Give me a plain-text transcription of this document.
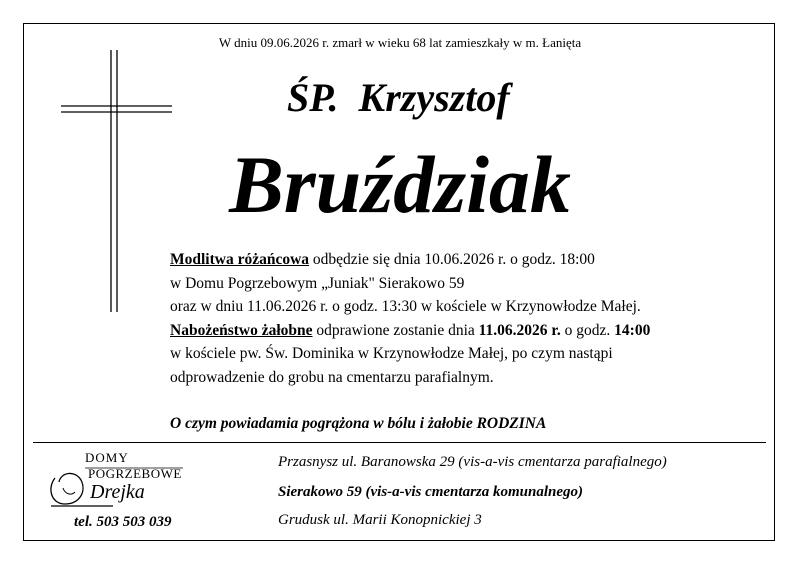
W dniu 09.06.2026 r. zmarł w wieku 68 lat zamieszkały w m. Łanięta
ŚP.  Krzysztof
Bruździak
Modlitwa różańcowa odbędzie się dnia 10.06.2026 r. o godz. 18:00
w Domu Pogrzebowym „Juniak" Sierakowo 59
oraz w dniu 11.06.2026 r. o godz. 13:30 w kościele w Krzynowłodze Małej.
Nabożeństwo żałobne odprawione zostanie dnia 11.06.2026 r. o godz. 14:00
w kościele pw. Św. Dominika w Krzynowłodze Małej, po czym nastąpi
odprowadzenie do grobu na cmentarzu parafialnym.
O czym powiadamia pogrążona w bólu i żałobie RODZINA
DOMY
POGRZEBOWE
Drejka
tel. 503 503 039
Przasnysz ul. Baranowska 29 (vis-a-vis cmentarza parafialnego)
Sierakowo 59 (vis-a-vis cmentarza komunalnego)
Grudusk ul. Marii Konopnickiej 3
